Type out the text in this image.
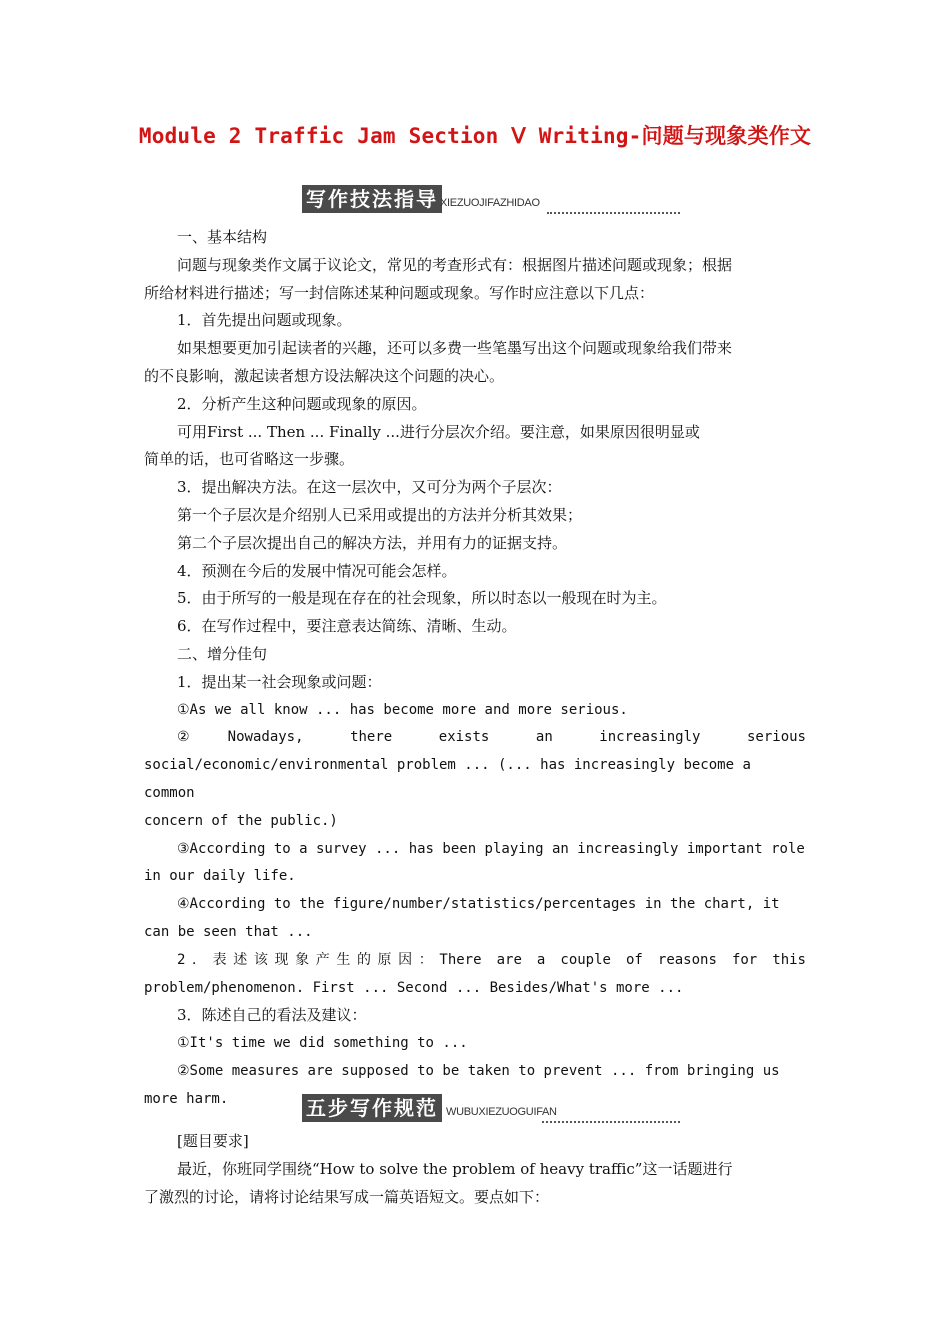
Module 2 Traffic Jam Section Ⅴ Writing-问题与现象类作文
写作技法指导 XIEZUOJIFAZHIDAO

一、基本结构

问题与现象类作文属于议论文，常见的考查形式有：根据图片描述问题或现象；根据

所给材料进行描述；写一封信陈述某种问题或现象。写作时应注意以下几点：

1．首先提出问题或现象。

如果想要更加引起读者的兴趣，还可以多费一些笔墨写出这个问题或现象给我们带来

的不良影响，激起读者想方设法解决这个问题的决心。

2．分析产生这种问题或现象的原因。

可用First ... Then ... Finally ...进行分层次介绍。要注意，如果原因很明显或

简单的话，也可省略这一步骤。

3．提出解决方法。在这一层次中，又可分为两个子层次：

第一个子层次是介绍别人已采用或提出的方法并分析其效果；

第二个子层次提出自己的解决方法，并用有力的证据支持。

4．预测在今后的发展中情况可能会怎样。

5．由于所写的一般是现在存在的社会现象，所以时态以一般现在时为主。

6．在写作过程中，要注意表达简练、清晰、生动。

二、增分佳句

1．提出某一社会现象或问题：

①As we all know ... has become more and more serious.

②Nowadays, there exists an increasingly serious

social/economic/environmental problem ... (... has increasingly become a common

concern of the public.)

③According to a survey ... has been playing an increasingly important role

in our daily life.

④According to the figure/number/statistics/percentages in the chart, it

can be seen that ...

2．表述该现象产生的原因：There are a couple of reasons for this

problem/phenomenon. First ... Second ... Besides/What's more ...

3．陈述自己的看法及建议：

①It's time we did something to ...

②Some measures are supposed to be taken to prevent ... from bringing us

more harm.	五步写作规范 WUBUXIEZUOGUIFAN

[题目要求]

最近，你班同学围绕“How to solve the problem of heavy traffic”这一话题进行

了激烈的讨论，请将讨论结果写成一篇英语短文。要点如下：
